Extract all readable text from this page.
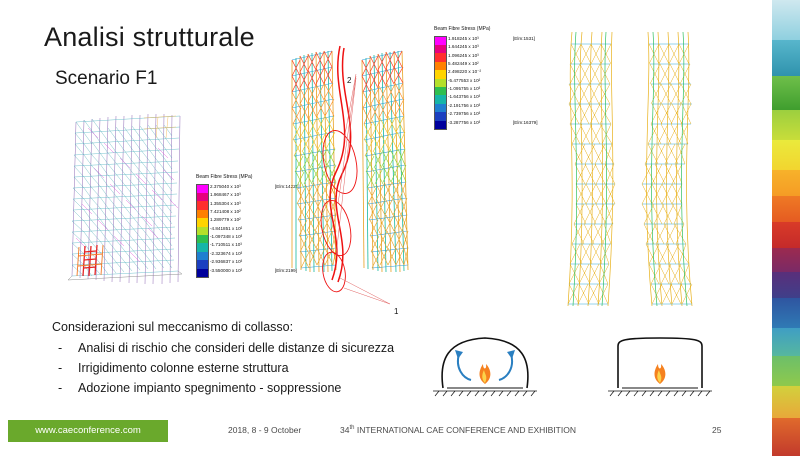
Analisi strutturale
Scenario F1
Beam Fibre Stress (MPa)
2.375040 x 10³	[Elm:14221]
1.968467 x 10³
1.355304 x 10³
7.421408 x 10²
1.289779 x 10²
-4.841851 x 10²
-1.097348 x 10³
-1.710511 x 10³
-2.323674 x 10³
-2.936837 x 10³
-3.550000 x 10³	[Elm:2199]
2
1
Beam Fibre Stress (MPa)
1.918245 x 10³	[Elm:1531]
1.644245 x 10³
1.096245 x 10³
5.482449 x 10²
2.498220 x 10⁻²
-5.477553 x 10²
-1.095755 x 10³
-1.643756 x 10³
-2.191756 x 10³
-2.739756 x 10³
-3.287756 x 10³	[Elm:16379]
Considerazioni sul meccanismo di collasso:
-	Analisi di rischio che consideri delle distanze di sicurezza
-	Irrigidimento colonne esterne struttura
-	Adozione impianto spegnimento - soppressione
www.caeconference.com	2018, 8 - 9 October	34th INTERNATIONAL CAE CONFERENCE AND EXHIBITION	25
